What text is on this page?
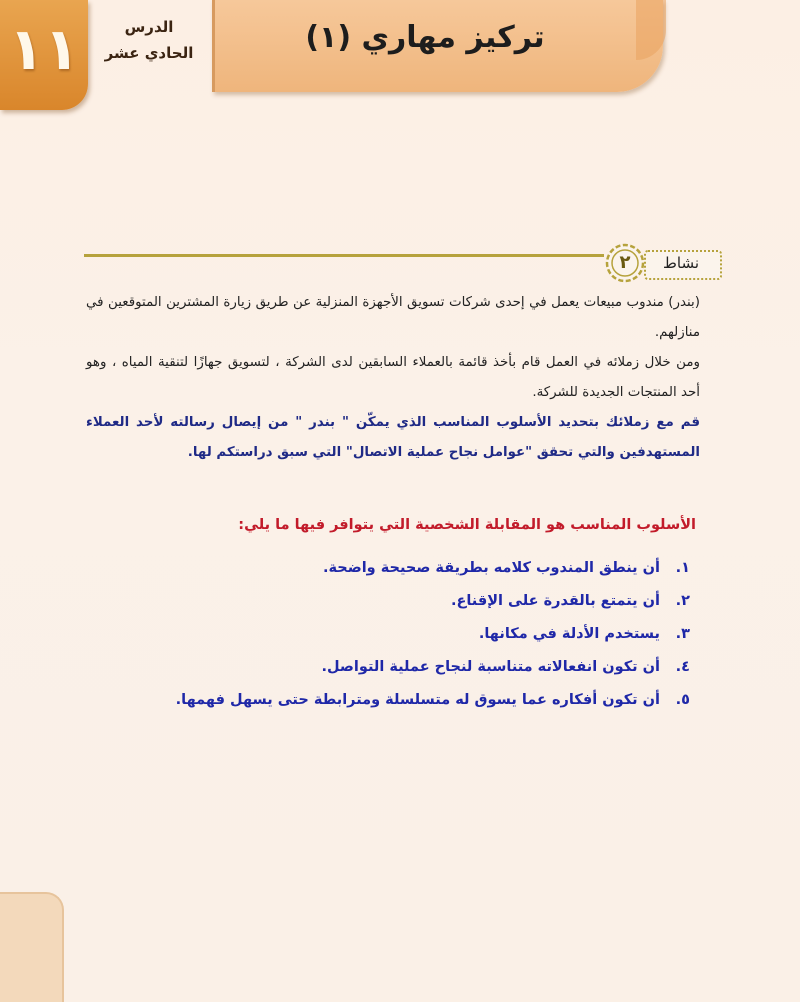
١١	الدرس
الحادي عشر	تركيز مهاري (١)
نشاط
٢

(بندر) مندوب مبيعات يعمل في إحدى شركات تسويق الأجهزة المنزلية عن طريق زيارة المشترين المتوقعين في منازلهم.

ومن خلال زملائه في العمل قام بأخذ قائمة بالعملاء السابقين لدى الشركة ، لتسويق جهازًا لتنقية المياه ، وهو أحد المنتجات الجديدة للشركة.

قم مع زملائك بتحديد الأسلوب المناسب الذي يمكّن " بندر " من إيصال رسالته لأحد العملاء المستهدفين والتي تحقق "عوامل نجاح عملية الاتصال" التي سبق دراستكم لها.

الأسلوب المناسب هو المقابلة الشخصية التي يتوافر فيها ما يلي:

١.
أن ينطق المندوب كلامه بطريقة صحيحة واضحة.
٢.
أن يتمتع بالقدرة على الإقناع.
٣.
يستخدم الأدلة في مكانها.
٤.
أن تكون انفعالاته متناسبة لنجاح عملية التواصل.
٥.
أن تكون أفكاره عما يسوق له متسلسلة ومترابطة حتى يسهل فهمها.
